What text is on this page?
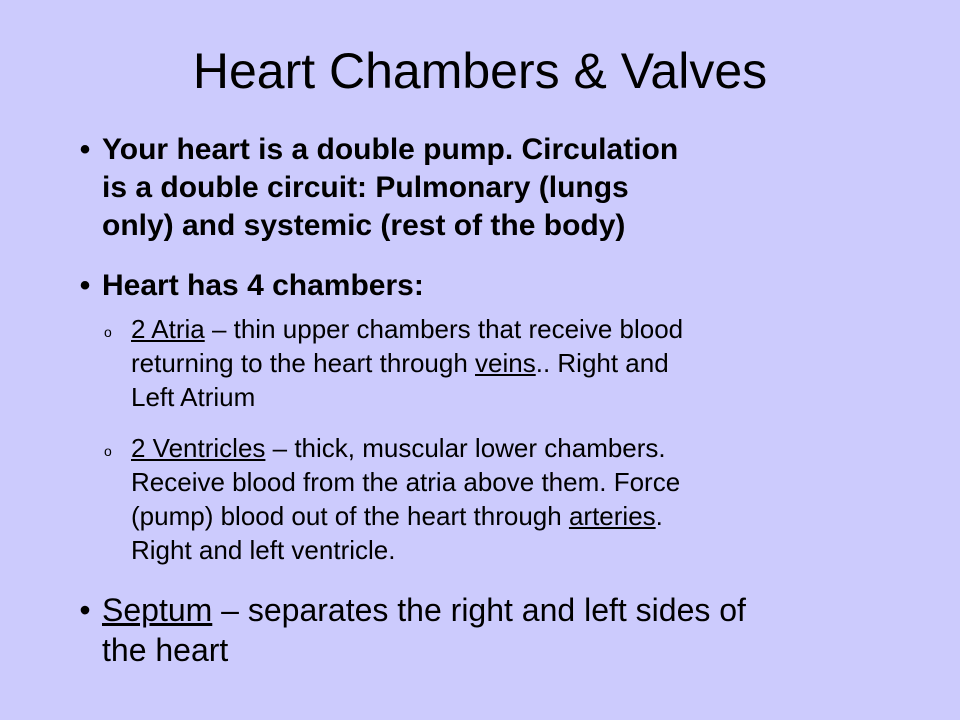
Heart Chambers & Valves
• Your heart is a double pump. Circulation
is a double circuit: Pulmonary (lungs
only) and systemic (rest of the body)
• Heart has 4 chambers:
o 2 Atria – thin upper chambers that receive blood
returning to the heart through veins.. Right and
Left Atrium
o 2 Ventricles – thick, muscular lower chambers.
Receive blood from the atria above them. Force
(pump) blood out of the heart through arteries.
Right and left ventricle.
• Septum – separates the right and left sides of
the heart
